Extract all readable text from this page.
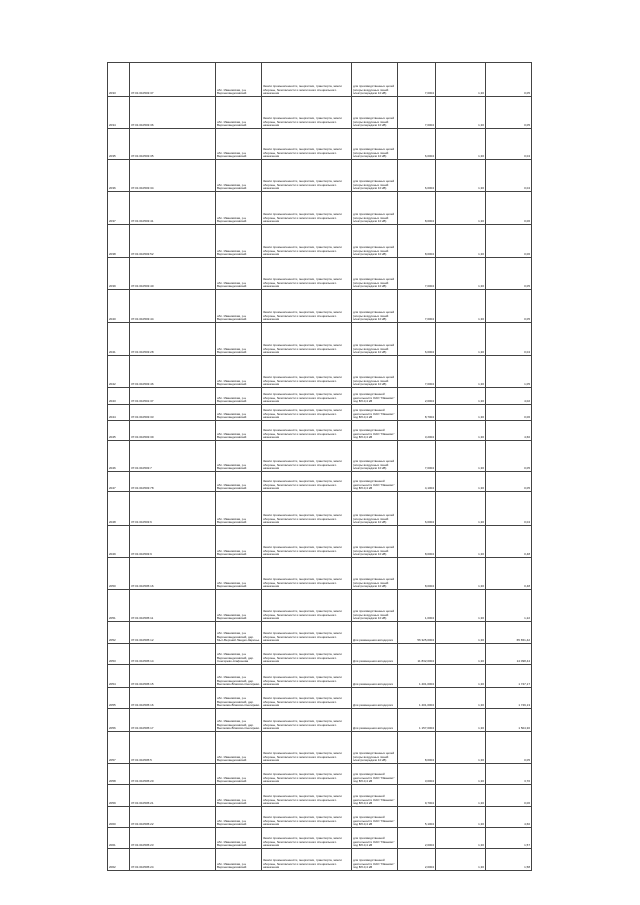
2033	37:01:010503:37	обл. Ивановская, р-н Верхнеландеховский	Земли промышленности, энергетики, транспорта, земли обороны, безопасности и земли иного специального назначения	для производственных целей (опоры воздушных линий электропередачи 10 кВ)	7,0004	1,30	0,05
2034	37:01:010503:36	обл. Ивановская, р-н Верхнеландеховский	Земли промышленности, энергетики, транспорта, земли обороны, безопасности и земли иного специального назначения	для производственных целей (опоры воздушных линий электропередачи 10 кВ)	7,0004	1,30	0,05
2035	37:01:010503:35	обл. Ивановская, р-н Верхнеландеховский	Земли промышленности, энергетики, транспорта, земли обороны, безопасности и земли иного специального назначения	для производственных целей (опоры воздушных линий электропередачи 10 кВ)	6,0004	1,30	0,04
2036	37:01:010503:34	обл. Ивановская, р-н Верхнеландеховский	Земли промышленности, энергетики, транспорта, земли обороны, безопасности и земли иного специального назначения	для производственных целей (опоры воздушных линий электропередачи 10 кВ)	6,0004	1,30	0,04
2037	37:01:010503:41	обл. Ивановская, р-н Верхнеландеховский	Земли промышленности, энергетики, транспорта, земли обороны, безопасности и земли иного специального назначения	для производственных целей (опоры воздушных линий электропередачи 10 кВ)	8,0004	1,30	0,06
2038	37:01:010503:52	обл. Ивановская, р-н Верхнеландеховский	Земли промышленности, энергетики, транспорта, земли обороны, безопасности и земли иного специального назначения	для производственных целей (опоры воздушных линий электропередачи 10 кВ)	8,0004	1,30	0,06
2039	37:01:010503:40	обл. Ивановская, р-н Верхнеландеховский	Земли промышленности, энергетики, транспорта, земли обороны, безопасности и земли иного специального назначения	для производственных целей (опоры воздушных линий электропередачи 10 кВ)	7,0004	1,30	0,05
2040	37:01:010503:44	обл. Ивановская, р-н Верхнеландеховский	Земли промышленности, энергетики, транспорта, земли обороны, безопасности и земли иного специального назначения	для производственных целей (опоры воздушных линий электропередачи 10 кВ)	7,0004	1,30	0,05
2041	37:01:010503:28	обл. Ивановская, р-н Верхнеландеховский	Земли промышленности, энергетики, транспорта, земли обороны, безопасности и земли иного специального назначения	для производственных целей (опоры воздушных линий электропередачи 10 кВ)	6,0004	1,30	0,04
2042	37:01:010503:46	обл. Ивановская, р-н Верхнеландеховский	Земли промышленности, энергетики, транспорта, земли обороны, безопасности и земли иного специального назначения	для производственных целей (опоры воздушных линий электропередачи 10 кВ)	7,0004	1,30	1,05
2043	37:01:010501:37	обл. Ивановская, р-н Верхнеландеховский	Земли промышленности, энергетики, транспорта, земли обороны, безопасности и земли иного специального назначения	для производственной деятельности ОАО "Иваново" под ВЛ-0,4 кВ	2,0004	1,30	4,02
2044	37:01:010503:33	обл. Ивановская, р-н Верхнеландеховский	Земли промышленности, энергетики, транспорта, земли обороны, безопасности и земли иного специального назначения	для производственной деятельности ОАО "Иваново" под ВЛ-0,4 кВ	8,7004	1,30	0,06
2045	37:01:010503:39	обл. Ивановская, р-н Верхнеландеховский	Земли промышленности, энергетики, транспорта, земли обороны, безопасности и земли иного специального назначения	для производственной деятельности ОАО "Иваново" под ВЛ-0,4 кВ	3,2004	1,30	4,60
2046	37:01:010503:7	обл. Ивановская, р-н Верхнеландеховский	Земли промышленности, энергетики, транспорта, земли обороны, безопасности и земли иного специального назначения	для производственных целей (опоры воздушных линий электропередачи 10 кВ)	7,0004	1,30	0,05
2047	37:01:010503:78	обл. Ивановская, р-н Верхнеландеховский	Земли промышленности, энергетики, транспорта, земли обороны, безопасности и земли иного специального назначения	для производственной деятельности ОАО "Иваново" под ВЛ-0,4 кВ	4,1004	1,30	0,05
2048	37:01:010503:6	обл. Ивановская, р-н Верхнеландеховский	Земли промышленности, энергетики, транспорта, земли обороны, безопасности и земли иного специального назначения	для производственных целей (опоры воздушных линий электропередачи 10 кВ)	6,0004	1,30	0,04
2049	37:01:010503:9	обл. Ивановская, р-н Верхнеландеховский	Земли промышленности, энергетики, транспорта, земли обороны, безопасности и земли иного специального назначения	для производственных целей (опоры воздушных линий электропередачи 10 кВ)	8,0004	1,30	0,48
2050	37:01:010505:16	обл. Ивановская, р-н Верхнеландеховский	Земли промышленности, энергетики, транспорта, земли обороны, безопасности и земли иного специального назначения	для производственных целей (опоры воздушных линий электропередачи 10 кВ)	8,0004	1,30	0,48
2051	37:01:010505:11	обл. Ивановская, р-н Верхнеландеховский	Земли промышленности, энергетики, транспорта, земли обороны, безопасности и земли иного специального назначения	для производственных целей (опоры воздушных линий электропередачи 10 кВ)	1,0004	1,30	1,22
2052	37:01:010505:12	обл. Ивановская, р-н Верхнеландеховский, дер. Мыт-Верхний Ландех-Заречье	Земли промышленности, энергетики, транспорта, земли обороны, безопасности и земли иного специального назначения	Для размещения автодороги	56 325,0004	1,30	65 651,42
2053	37:01:010505:14	обл. Ивановская, р-н Верхнеландеховский, дер. Снегирево-Агафонова	Земли промышленности, энергетики, транспорта, земли обороны, безопасности и земли иного специального назначения	Для размещения автодороги	11 832,0004	1,30	14 098,44
2054	37:01:010505:15	обл. Ивановская, р-н Верхнеландеховский, дер. Высоково-Власово-Снегирево	Земли промышленности, энергетики, транспорта, земли обороны, безопасности и земли иного специального назначения	Для размещения автодороги	1 401,0004	1,30	1 747,17
2055	37:01:010505:16	обл. Ивановская, р-н Верхнеландеховский, дер. Высоково-Власово-Снегирево	Земли промышленности, энергетики, транспорта, земли обороны, безопасности и земли иного специального назначения	Для размещения автодороги	1 401,0004	1,30	1 749,13
2056	37:01:010505:17	обл. Ивановская, р-н Верхнеландеховский, дер. Высоково-Власово-Снегирево	Земли промышленности, энергетики, транспорта, земли обороны, безопасности и земли иного специального назначения	Для размещения автодороги	1 157,0004	1,30	1 504,30
2057	37:01:010505:5	обл. Ивановская, р-н Верхнеландеховский	Земли промышленности, энергетики, транспорта, земли обороны, безопасности и земли иного специального назначения	для производственных целей (опоры воздушных линий электропередачи 10 кВ)	8,0004	1,30	0,05
2058	37:01:010505:20	обл. Ивановская, р-н Верхнеландеховский	Земли промышленности, энергетики, транспорта, земли обороны, безопасности и земли иного специального назначения	для производственной деятельности ОАО "Иваново" под ВЛ-0,4 кВ	3,0004	1,30	3,70
2059	37:01:010505:21	обл. Ивановская, р-н Верхнеландеховский	Земли промышленности, энергетики, транспорта, земли обороны, безопасности и земли иного специального назначения	для производственной деятельности ОАО "Иваново" под ВЛ-0,4 кВ	9,7004	1,30	0,06
2060	37:01:010505:22	обл. Ивановская, р-н Верхнеландеховский	Земли промышленности, энергетики, транспорта, земли обороны, безопасности и земли иного специального назначения	для производственной деятельности ОАО "Иваново" под ВЛ-0,4 кВ	5,1004	1,30	4,60
2061	37:01:010505:23	обл. Ивановская, р-н Верхнеландеховский	Земли промышленности, энергетики, транспорта, земли обороны, безопасности и земли иного специального назначения	для производственной деятельности ОАО "Иваново" под ВЛ-0,4 кВ	2,0004	1,30	1,57
2062	37:01:010505:24	обл. Ивановская, р-н Верхнеландеховский	Земли промышленности, энергетики, транспорта, земли обороны, безопасности и земли иного специального назначения	для производственной деятельности ОАО "Иваново" под ВЛ-0,4 кВ	2,0004	1,30	1,58
